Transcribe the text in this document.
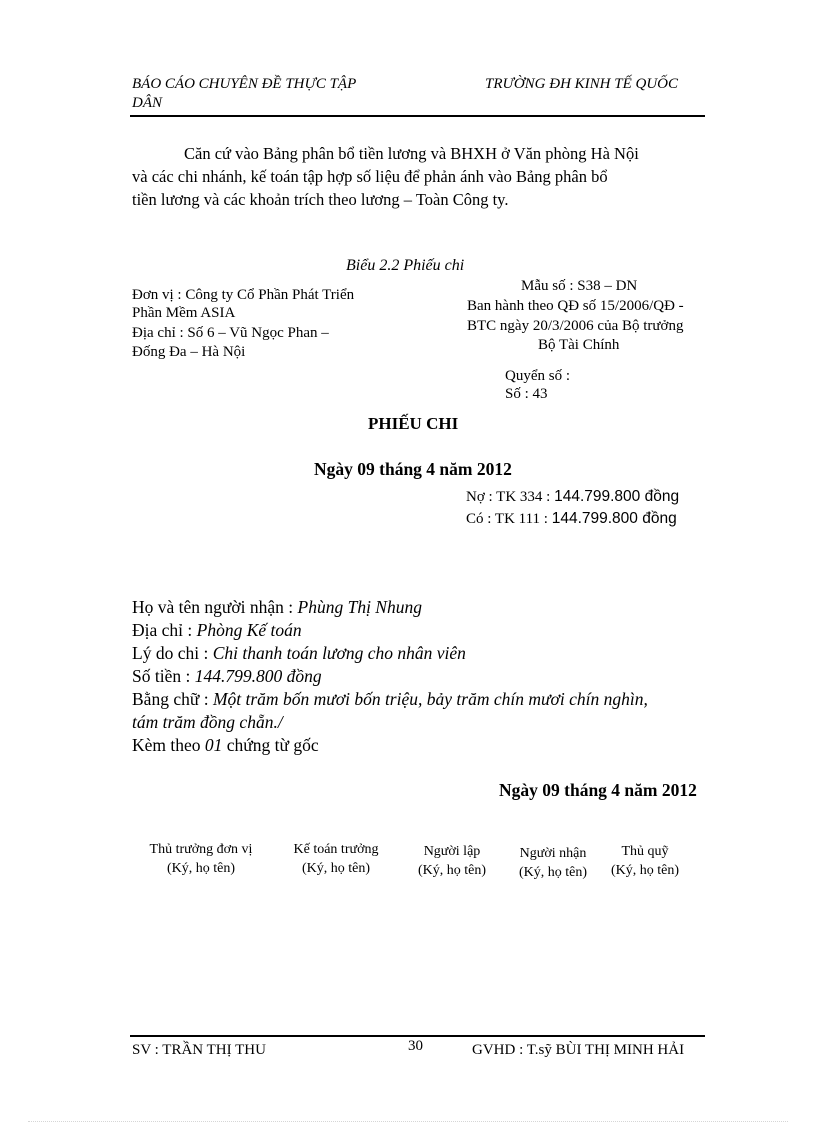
BÁO CÁO CHUYÊN ĐỀ THỰC TẬP
DÂN
TRƯỜNG ĐH KINH TẾ QUỐC
Căn cứ vào Bảng phân bổ tiền lương và BHXH ở Văn phòng Hà Nội
và các chi nhánh, kế toán tập hợp số liệu để phản ánh vào Bảng phân bổ
tiền lương và các khoản trích theo lương – Toàn Công ty.
Biểu 2.2 Phiếu chi
Đơn vị : Công ty Cổ Phần Phát Triển
Phần Mềm ASIA
Địa chỉ : Số 6 – Vũ Ngọc Phan –
Đống Đa – Hà Nội
Mẫu số : S38 – DN
Ban hành theo QĐ số 15/2006/QĐ -
BTC ngày 20/3/2006 của Bộ trưởng
Bộ Tài Chính
Quyển số :
Số : 43
PHIẾU CHI
Ngày 09 tháng 4 năm 2012
Nợ : TK 334 : 144.799.800 đồng
Có : TK 111 : 144.799.800 đồng
Họ và tên người nhận : Phùng Thị Nhung
Địa chỉ : Phòng Kế toán
Lý do chi : Chi thanh toán lương cho nhân viên
Số tiền : 144.799.800 đồng
Bằng chữ : Một trăm bốn mươi bốn triệu, bảy trăm chín mươi chín nghìn,
tám trăm đồng chẵn./
Kèm theo 01 chứng từ gốc
Ngày 09 tháng 4 năm 2012
Thủ trưởng đơn vị
(Ký, họ tên)
Kế toán trưởng
(Ký, họ tên)
Người lập
(Ký, họ tên)
Người nhận
(Ký, họ tên)
Thủ quỹ
(Ký, họ tên)
SV : TRẦN THỊ THU	30	GVHD : T.sỹ BÙI THỊ MINH HẢI
